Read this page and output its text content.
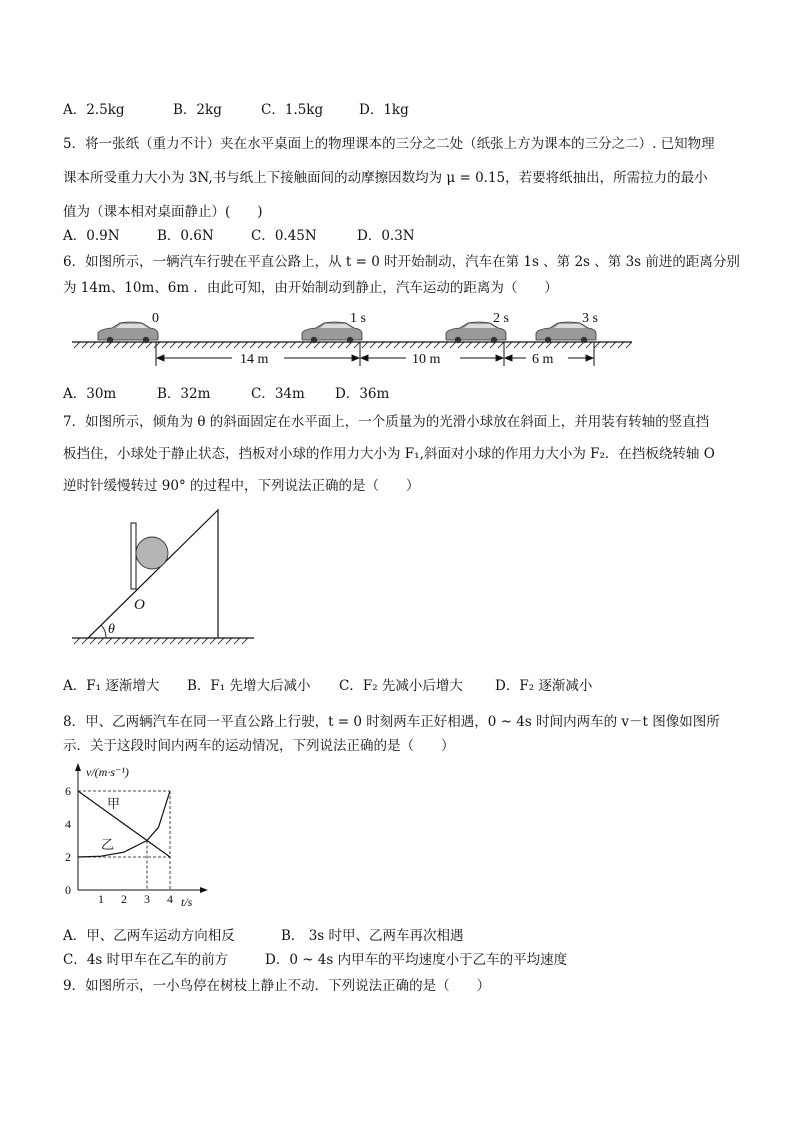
A．2.5kg	B．2kg	C．1.5kg	D．1kg
5．将一张纸（重力不计）夹在水平桌面上的物理课本的三分之二处（纸张上方为课本的三分之二）. 已知物理
课本所受重力大小为 3N,书与纸上下接触面间的动摩擦因数均为 μ = 0.15，若要将纸抽出，所需拉力的最小
值为（课本相对桌面静止）(　　)
A．0.9N	B．0.6N	C．0.45N	D．0.3N
6．如图所示，一辆汽车行驶在平直公路上，从 t = 0 时开始制动，汽车在第 1s 、第 2s 、第 3s 前进的距离分别
为 14m、10m、6m ．由此可知，由开始制动到静止，汽车运动的距离为（　　）
0	1 s	2 s	3 s
14 m	10 m	6 m
A．30m	B．32m	C．34m D．36m
7．如图所示，倾角为 θ 的斜面固定在水平面上，一个质量为的光滑小球放在斜面上，并用装有转轴的竖直挡
板挡住，小球处于静止状态，挡板对小球的作用力大小为 F₁,斜面对小球的作用力大小为 F₂．在挡板绕转轴 O
逆时针缓慢转过 90° 的过程中，下列说法正确的是（　　）
θ
O
A．F₁ 逐渐增大 B．F₁ 先增大后减小 C．F₂ 先减小后增大 D．F₂ 逐渐减小
8．甲、乙两辆汽车在同一平直公路上行驶，t = 0 时刻两车正好相遇，0 ~ 4s 时间内两车的 v－t 图像如图所
示．关于这段时间内两车的运动情况，下列说法正确的是（　　）
v/(m·s⁻¹)
t/s
1 2 3 4
0
2
4
6
甲
乙
A．甲、乙两车运动方向相反	B． 3s 时甲、乙两车再次相遇
C．4s 时甲车在乙车的前方	D．0 ~ 4s 内甲车的平均速度小于乙车的平均速度
9．如图所示，一小鸟停在树枝上静止不动．下列说法正确的是（　　）
